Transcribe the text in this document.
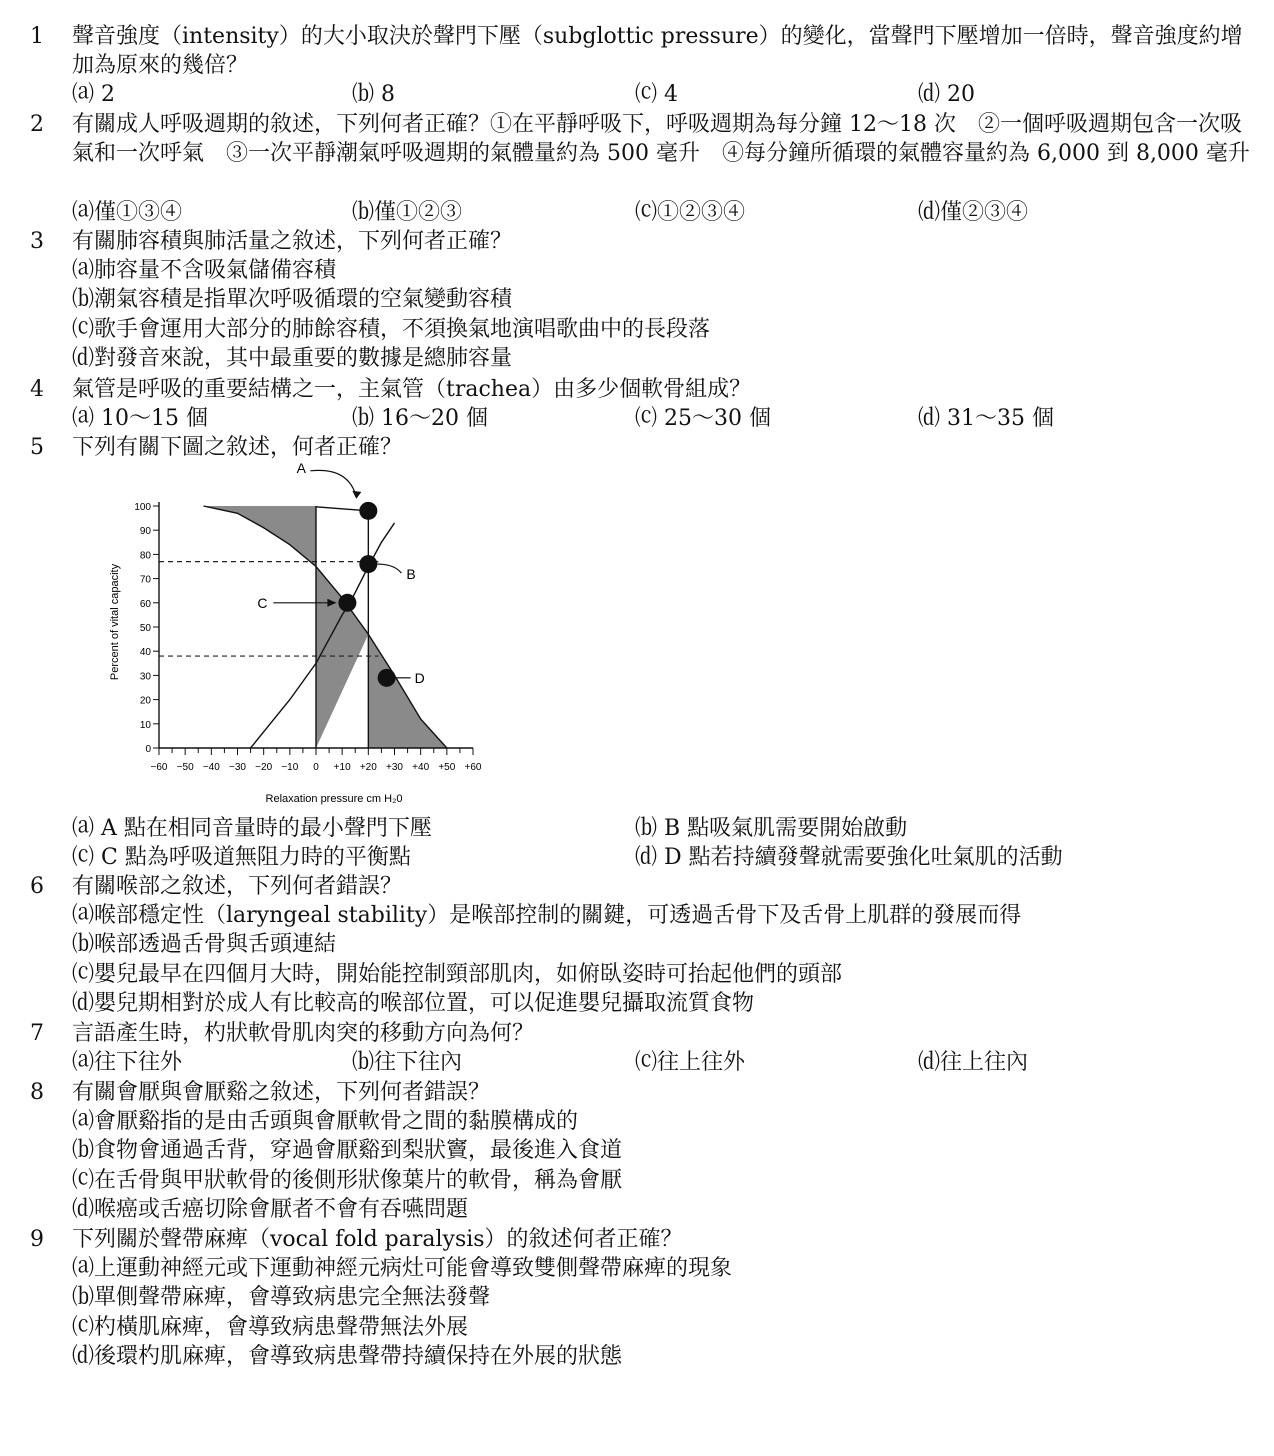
1 聲音強度（intensity）的大小取決於聲門下壓（subglottic pressure）的變化，當聲門下壓增加一倍時，聲音強度約增加為原來的幾倍？
⒜ 2	⒝ 8	⒞ 4	⒟ 20
2 有關成人呼吸週期的敘述，下列何者正確？①在平靜呼吸下，呼吸週期為每分鐘 12～18 次　②一個呼吸週期包含一次吸氣和一次呼氣　③一次平靜潮氣呼吸週期的氣體量約為 500 毫升　④每分鐘所循環的氣體容量約為 6,000 到 8,000 毫升
⒜僅①③④	⒝僅①②③	⒞①②③④	⒟僅②③④
3 有關肺容積與肺活量之敘述，下列何者正確？
⒜肺容量不含吸氣儲備容積
⒝潮氣容積是指單次呼吸循環的空氣變動容積
⒞歌手會運用大部分的肺餘容積，不須換氣地演唱歌曲中的長段落
⒟對發音來說，其中最重要的數據是總肺容量
4 氣管是呼吸的重要結構之一，主氣管（trachea）由多少個軟骨組成？
⒜ 10～15 個	⒝ 16～20 個	⒞ 25～30 個	⒟ 31～35 個
5 下列有關下圖之敘述，何者正確？
100
90
80
70
60
50
40
30
20
10
0
−60 −50 −40 −30 −20 −10 0 +10 +20 +30 +40 +50 +60
A
B
C
D
Percent of vital capacity
Relaxation pressure cm H₂0
⒜ A 點在相同音量時的最小聲門下壓	⒝ B 點吸氣肌需要開始啟動
⒞ C 點為呼吸道無阻力時的平衡點	⒟ D 點若持續發聲就需要強化吐氣肌的活動
6 有關喉部之敘述，下列何者錯誤？
⒜喉部穩定性（laryngeal stability）是喉部控制的關鍵，可透過舌骨下及舌骨上肌群的發展而得
⒝喉部透過舌骨與舌頭連結
⒞嬰兒最早在四個月大時，開始能控制頸部肌肉，如俯臥姿時可抬起他們的頭部
⒟嬰兒期相對於成人有比較高的喉部位置，可以促進嬰兒攝取流質食物
7 言語產生時，杓狀軟骨肌肉突的移動方向為何？
⒜往下往外	⒝往下往內	⒞往上往外	⒟往上往內
8 有關會厭與會厭谿之敘述，下列何者錯誤？
⒜會厭谿指的是由舌頭與會厭軟骨之間的黏膜構成的
⒝食物會通過舌背，穿過會厭谿到梨狀竇，最後進入食道
⒞在舌骨與甲狀軟骨的後側形狀像葉片的軟骨，稱為會厭
⒟喉癌或舌癌切除會厭者不會有吞嚥問題
9 下列關於聲帶麻痺（vocal fold paralysis）的敘述何者正確？
⒜上運動神經元或下運動神經元病灶可能會導致雙側聲帶麻痺的現象
⒝單側聲帶麻痺，會導致病患完全無法發聲
⒞杓橫肌麻痺，會導致病患聲帶無法外展
⒟後環杓肌麻痺，會導致病患聲帶持續保持在外展的狀態
